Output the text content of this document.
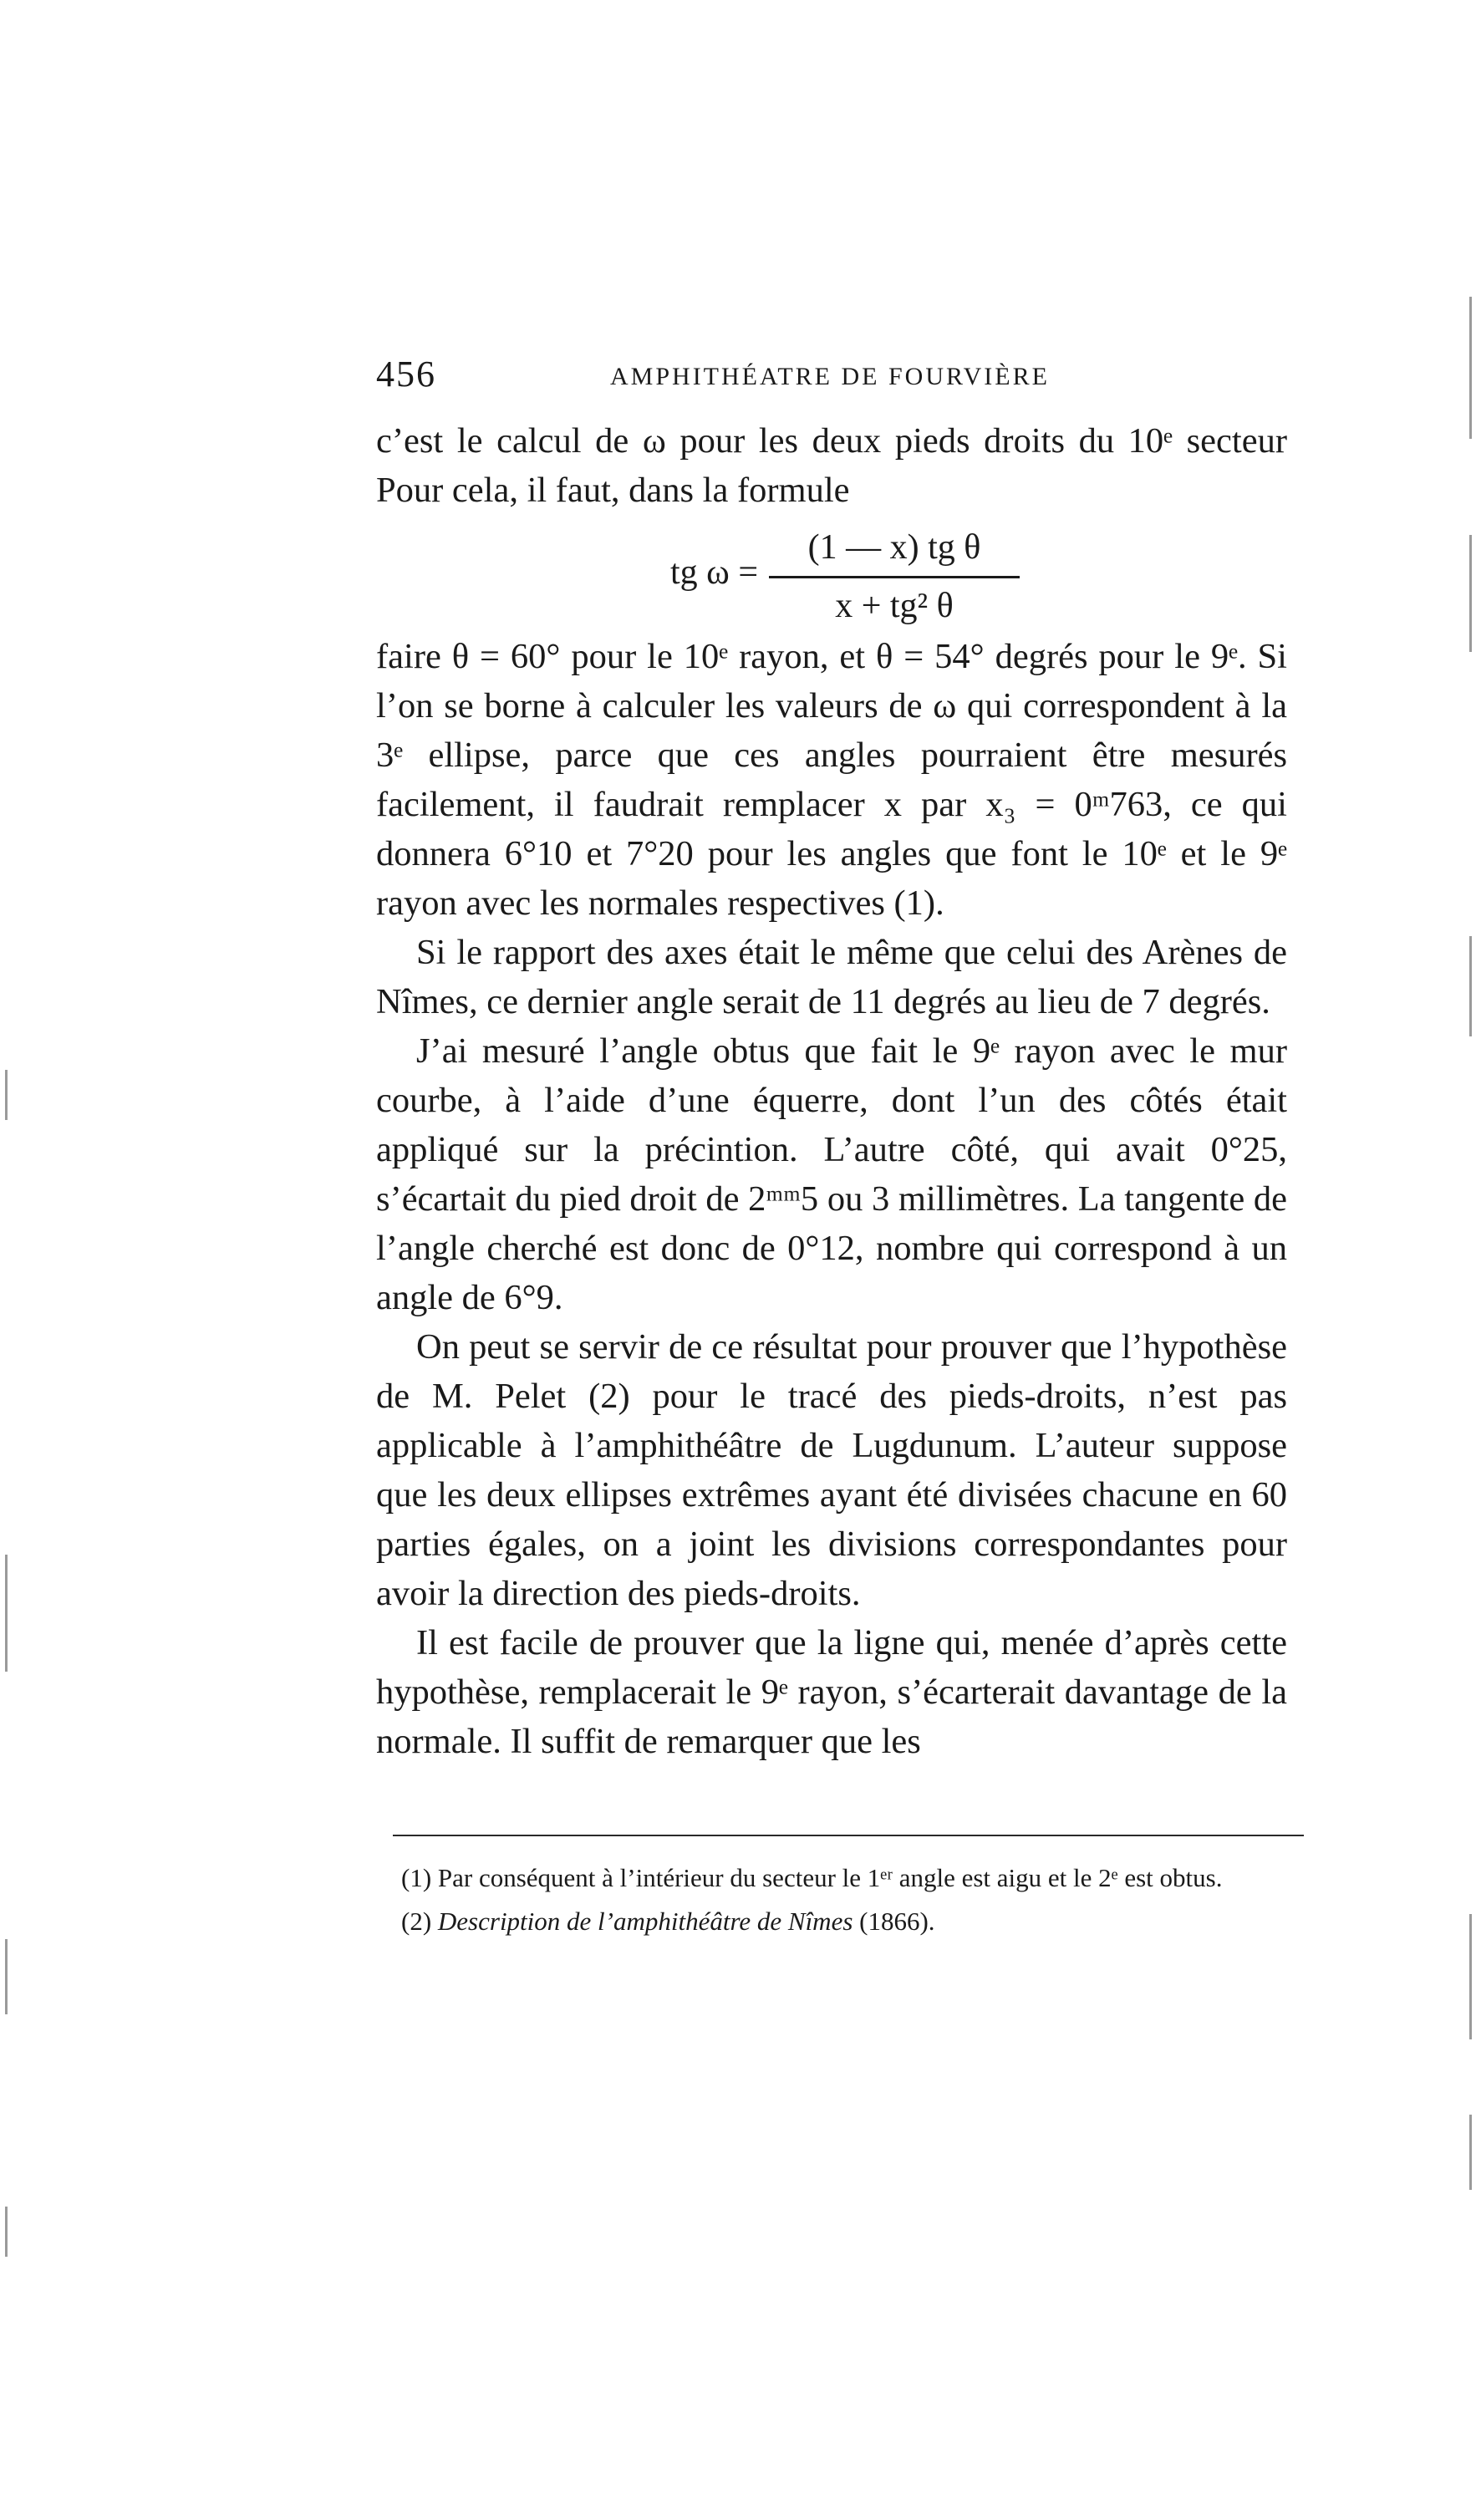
456	AMPHITHÉATRE DE FOURVIÈRE

c’est le calcul de ω pour les deux pieds droits du 10ᵉ secteur Pour cela, il faut, dans la formule

tg ω =
(1 — x) tg θ
x + tg² θ

faire θ = 60° pour le 10ᵉ rayon, et θ = 54° degrés pour le 9ᵉ. Si l’on se borne à calculer les valeurs de ω qui correspondent à la 3ᵉ ellipse, parce que ces angles pourraient être mesurés facilement, il faudrait remplacer x par x₃ = 0ᵐ763, ce qui donnera 6°10 et 7°20 pour les angles que font le 10ᵉ et le 9ᵉ rayon avec les normales respectives (1).

Si le rapport des axes était le même que celui des Arènes de Nîmes, ce dernier angle serait de 11 degrés au lieu de 7 degrés.

J’ai mesuré l’angle obtus que fait le 9ᵉ rayon avec le mur courbe, à l’aide d’une équerre, dont l’un des côtés était appliqué sur la précintion. L’autre côté, qui avait 0°25, s’écartait du pied droit de 2ᵐᵐ5 ou 3 millimètres. La tangente de l’angle cherché est donc de 0°12, nombre qui correspond à un angle de 6°9.

On peut se servir de ce résultat pour prouver que l’hypothèse de M. Pelet (2) pour le tracé des pieds-droits, n’est pas applicable à l’amphithéâtre de Lugdunum. L’auteur suppose que les deux ellipses extrêmes ayant été divisées chacune en 60 parties égales, on a joint les divisions correspondantes pour avoir la direction des pieds-droits.

Il est facile de prouver que la ligne qui, menée d’après cette hypothèse, remplacerait le 9ᵉ rayon, s’écarterait davantage de la normale. Il suffit de remarquer que les

(1) Par conséquent à l’intérieur du secteur le 1ᵉʳ angle est aigu et le 2ᵉ est obtus.

(2) Description de l’amphithéâtre de Nîmes (1866).
